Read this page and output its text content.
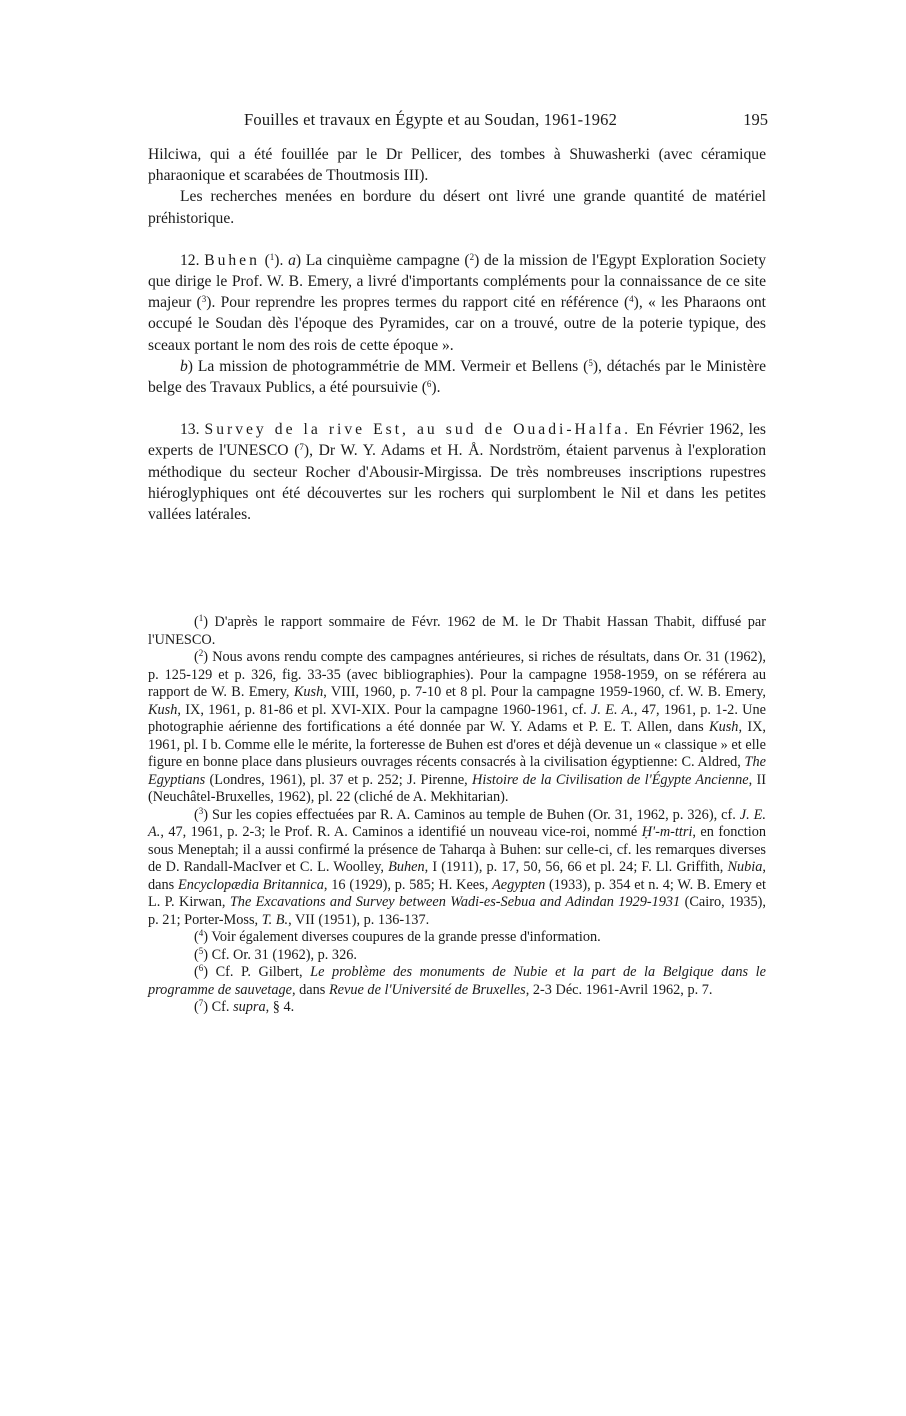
Fouilles et travaux en Égypte et au Soudan, 1961-1962	195

Hilciwa, qui a été fouillée par le Dr Pellicer, des tombes à Shuwasherki (avec céramique pharaonique et scarabées de Thoutmosis III).

Les recherches menées en bordure du désert ont livré une grande quantité de matériel préhistorique.

12. Buhen ($^1$). a) La cinquième campagne ($^2$) de la mission de l'Egypt Exploration Society que dirige le Prof. W. B. Emery, a livré d'importants compléments pour la connaissance de ce site majeur ($^3$). Pour reprendre les propres termes du rapport cité en référence ($^4$), « les Pharaons ont occupé le Soudan dès l'époque des Pyramides, car on a trouvé, outre de la poterie typique, des sceaux portant le nom des rois de cette époque ».

b) La mission de photogrammétrie de MM. Vermeir et Bellens ($^5$), détachés par le Ministère belge des Travaux Publics, a été poursuivie ($^6$).

13. Survey de la rive Est, au sud de Ouadi-Halfa. En Février 1962, les experts de l'UNESCO ($^7$), Dr W. Y. Adams et H. Å. Nordström, étaient parvenus à l'exploration méthodique du secteur Rocher d'Abousir-Mirgissa. De très nombreuses inscriptions rupestres hiéroglyphiques ont été découvertes sur les rochers qui surplombent le Nil et dans les petites vallées latérales.

($^1$) D'après le rapport sommaire de Févr. 1962 de M. le Dr Thabit Hassan Thabit, diffusé par l'UNESCO.

($^2$) Nous avons rendu compte des campagnes antérieures, si riches de résultats, dans Or. 31 (1962), p. 125-129 et p. 326, fig. 33-35 (avec bibliographies). Pour la campagne 1958-1959, on se référera au rapport de W. B. Emery, Kush, VIII, 1960, p. 7-10 et 8 pl. Pour la campagne 1959-1960, cf. W. B. Emery, Kush, IX, 1961, p. 81-86 et pl. XVI-XIX. Pour la campagne 1960-1961, cf. J. E. A., 47, 1961, p. 1-2. Une photographie aérienne des fortifications a été donnée par W. Y. Adams et P. E. T. Allen, dans Kush, IX, 1961, pl. I b. Comme elle le mérite, la forteresse de Buhen est d'ores et déjà devenue un « classique » et elle figure en bonne place dans plusieurs ouvrages récents consacrés à la civilisation égyptienne: C. Aldred, The Egyptians (Londres, 1961), pl. 37 et p. 252; J. Pirenne, Histoire de la Civilisation de l'Égypte Ancienne, II (Neuchâtel-Bruxelles, 1962), pl. 22 (cliché de A. Mekhitarian).

($^3$) Sur les copies effectuées par R. A. Caminos au temple de Buhen (Or. 31, 1962, p. 326), cf. J. E. A., 47, 1961, p. 2-3; le Prof. R. A. Caminos a identifié un nouveau vice-roi, nommé Ḥ'-m-ttri, en fonction sous Meneptah; il a aussi confirmé la présence de Taharqa à Buhen: sur celle-ci, cf. les remarques diverses de D. Randall-MacIver et C. L. Woolley, Buhen, I (1911), p. 17, 50, 56, 66 et pl. 24; F. Ll. Griffith, Nubia, dans Encyclopædia Britannica, 16 (1929), p. 585; H. Kees, Aegypten (1933), p. 354 et n. 4; W. B. Emery et L. P. Kirwan, The Excavations and Survey between Wadi-es-Sebua and Adindan 1929-1931 (Cairo, 1935), p. 21; Porter-Moss, T. B., VII (1951), p. 136-137.

($^4$) Voir également diverses coupures de la grande presse d'information.

($^5$) Cf. Or. 31 (1962), p. 326.

($^6$) Cf. P. Gilbert, Le problème des monuments de Nubie et la part de la Belgique dans le programme de sauvetage, dans Revue de l'Université de Bruxelles, 2-3 Déc. 1961-Avril 1962, p. 7.

($^7$) Cf. supra, § 4.
